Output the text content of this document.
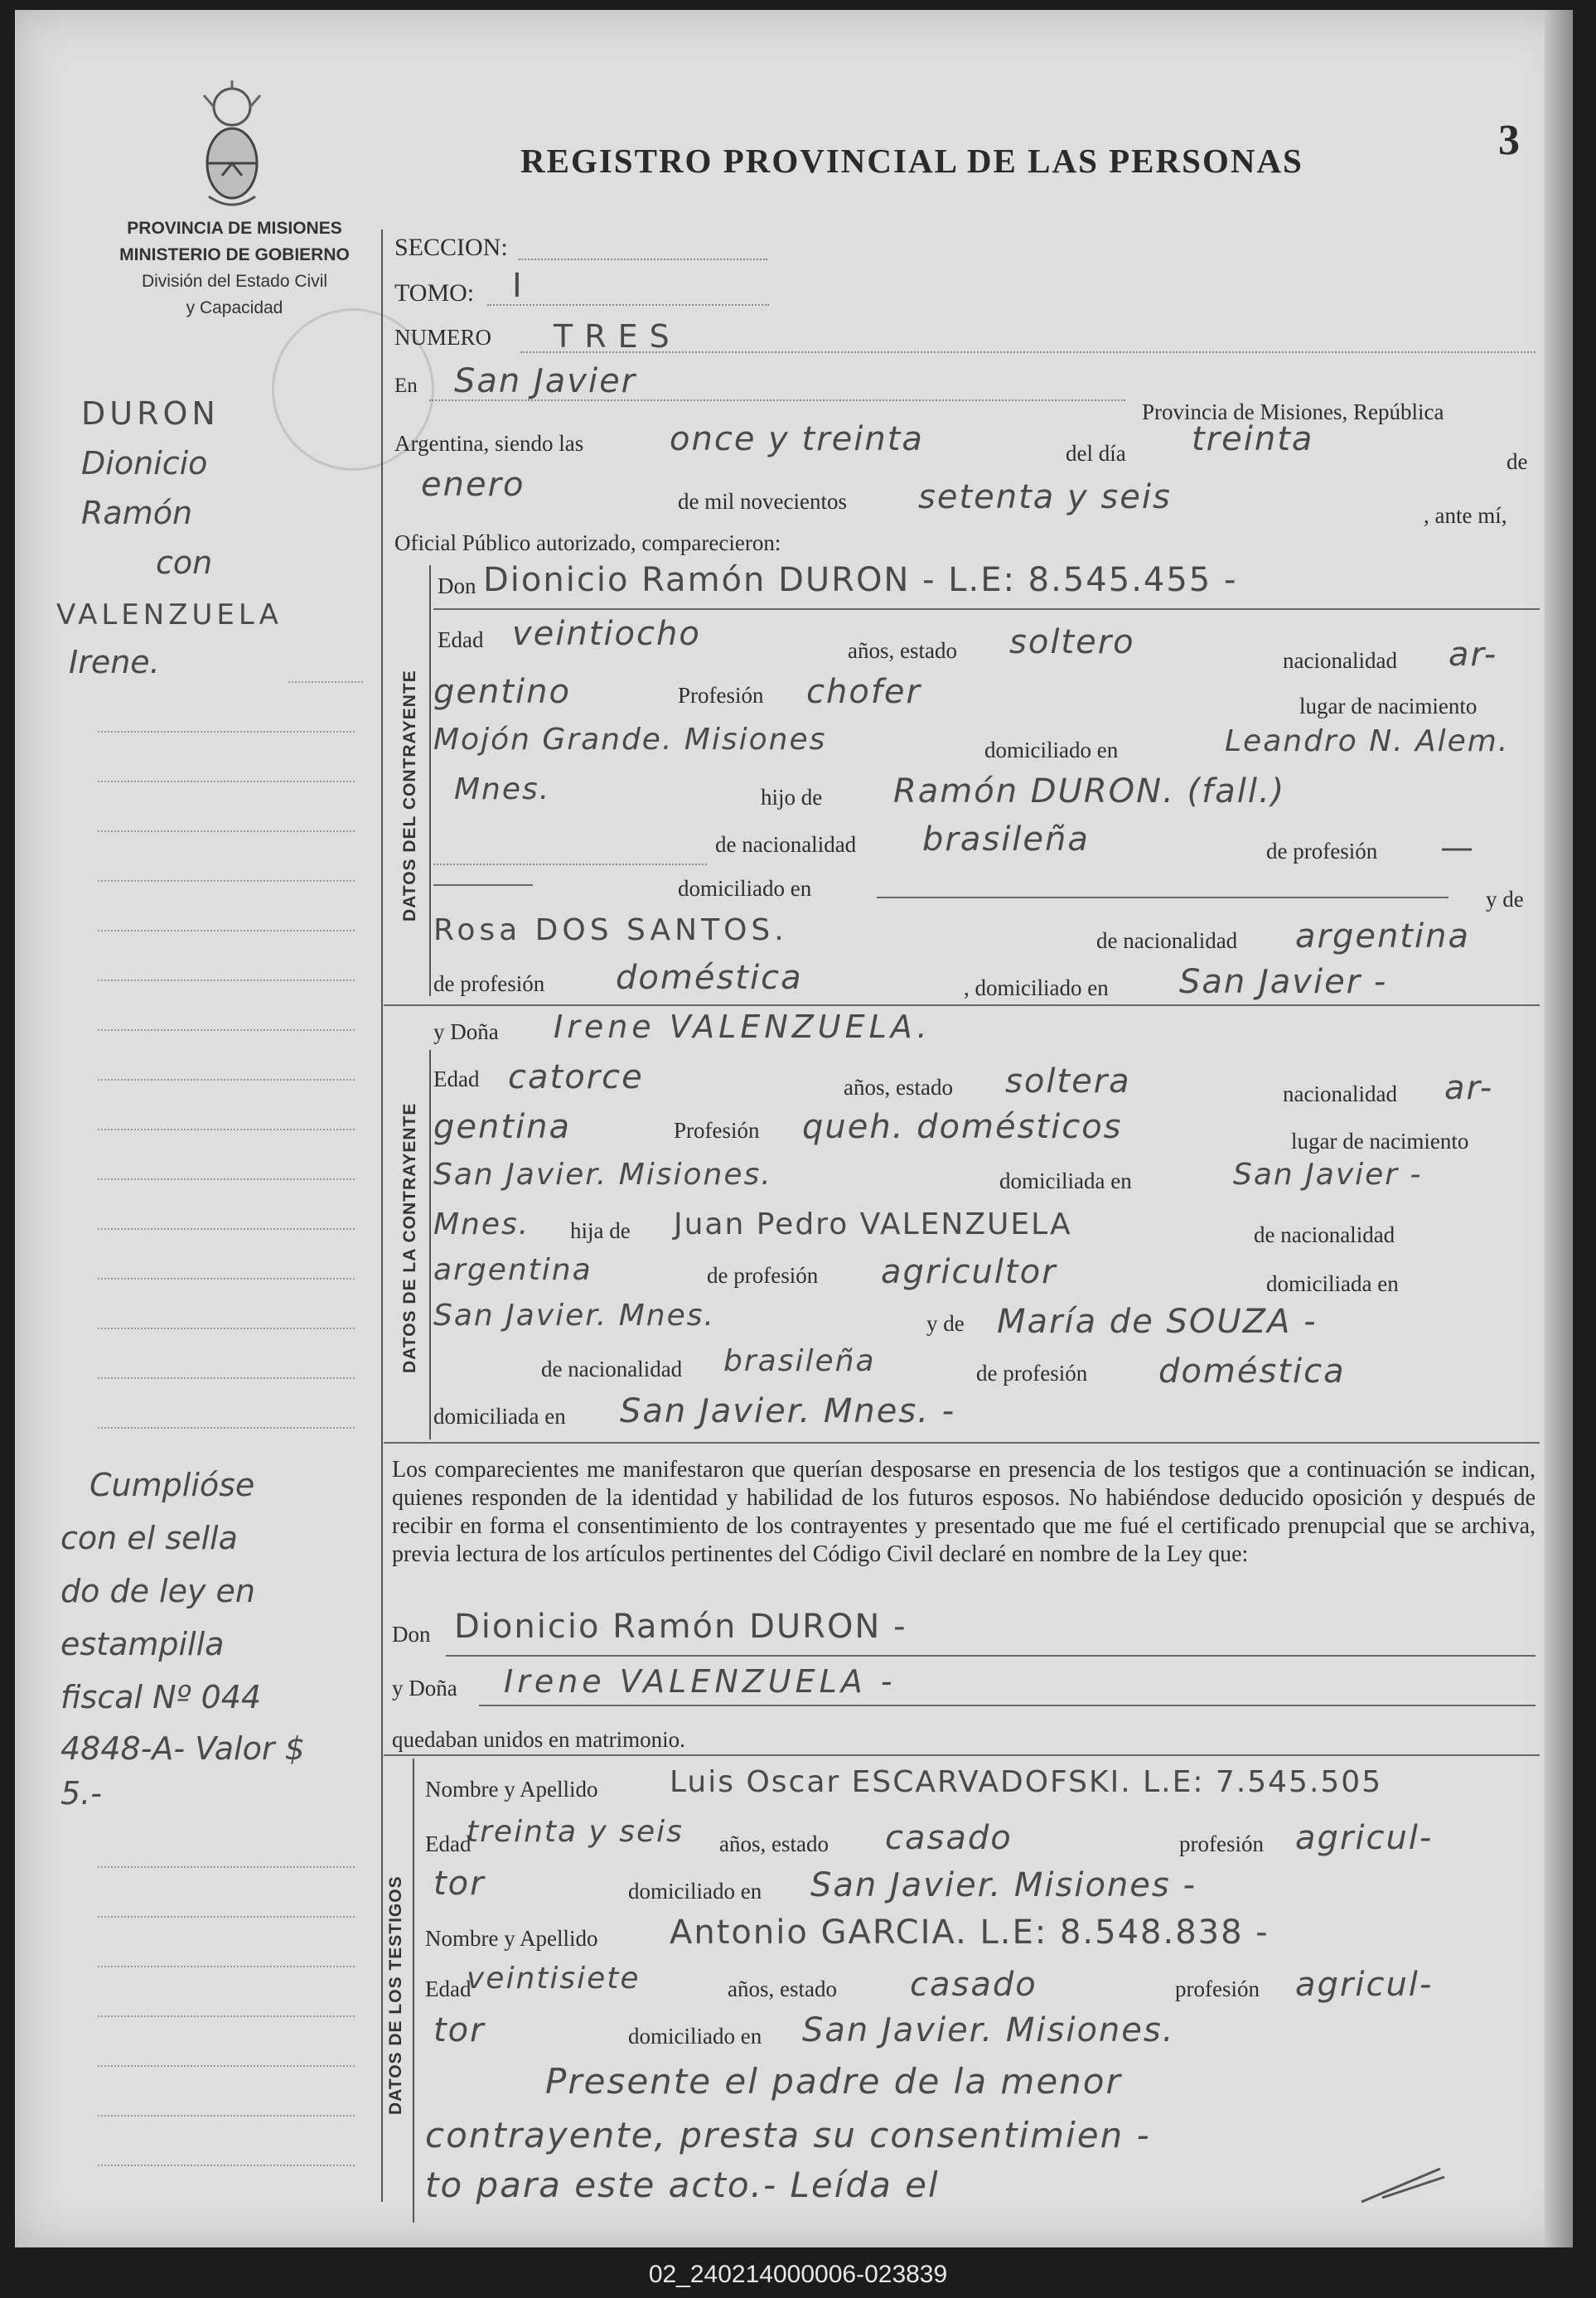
PROVINCIA DE MISIONES
MINISTERIO DE GOBIERNO
División del Estado Civil
y Capacidad
REGISTRO PROVINCIAL DE LAS PERSONAS	3
DURON
Dionicio
Ramón
con
VALENZUELA
Irene.
Cumplióse
con el sella
do de ley en
estampilla
fiscal Nº 044
4848-A- Valor $
5.-
SECCION:
TOMO: I
NUMERO TRES
En San Javier
Provincia de Misiones, República
Argentina, siendo las	once y treinta	del día treinta
de
enero	de mil novecientos setenta y seis	, ante mí,
Oficial Público autorizado, comparecieron:
DATOS DEL CONTRAYENTE
Don Dionicio Ramón DURON - L.E: 8.545.455 -
Edad veintiocho	años, estado soltero	nacionalidad ar-
gentino	Profesión chofer	lugar de nacimiento
Mojón Grande. Misiones	domiciliado en	Leandro N. Alem.
Mnes.	hijo de Ramón DURON. (fall.)
de nacionalidad brasileña	de profesión —
domiciliado en	y de
Rosa DOS SANTOS.	de nacionalidad argentina
de profesión doméstica	, domiciliado en San Javier -
y Doña Irene VALENZUELA.
DATOS DE LA CONTRAYENTE
Edad catorce	años, estado soltera	nacionalidad ar-
gentina	Profesión queh. domésticos	lugar de nacimiento
San Javier. Misiones.	domiciliada en	San Javier -
Mnes. hija de Juan Pedro VALENZUELA	de nacionalidad
argentina	de profesión agricultor	domiciliada en
San Javier. Mnes.	y de María de SOUZA -
de nacionalidad brasileña	de profesión doméstica
domiciliada en San Javier. Mnes. -
Los comparecientes me manifestaron que querían desposarse en presencia de los testigos que a continuación se indican, quienes responden de la identidad y habilidad de los futuros esposos. No habiéndose deducido oposición y después de recibir en forma el consentimiento de los contrayentes y presentado que me fué el certificado prenupcial que se archiva, previa lectura de los artículos pertinentes del Código Civil declaré en nombre de la Ley que:
Don Dionicio Ramón DURON -
y Doña Irene VALENZUELA -
quedaban unidos en matrimonio.
DATOS DE LOS TESTIGOS
Nombre y Apellido Luis Oscar ESCARVADOFSKI. L.E: 7.545.505
Edad
treinta y seis años, estado casado	profesión agricul-
tor	domiciliado en San Javier. Misiones -
Nombre y Apellido Antonio GARCIA. L.E: 8.548.838 -
Edad
veintisiete	años, estado casado	profesión agricul-
tor	domiciliado en San Javier. Misiones.
Presente el padre de la menor
contrayente, presta su consentimien -
to para este acto.- Leída el
02_240214000006-023839
